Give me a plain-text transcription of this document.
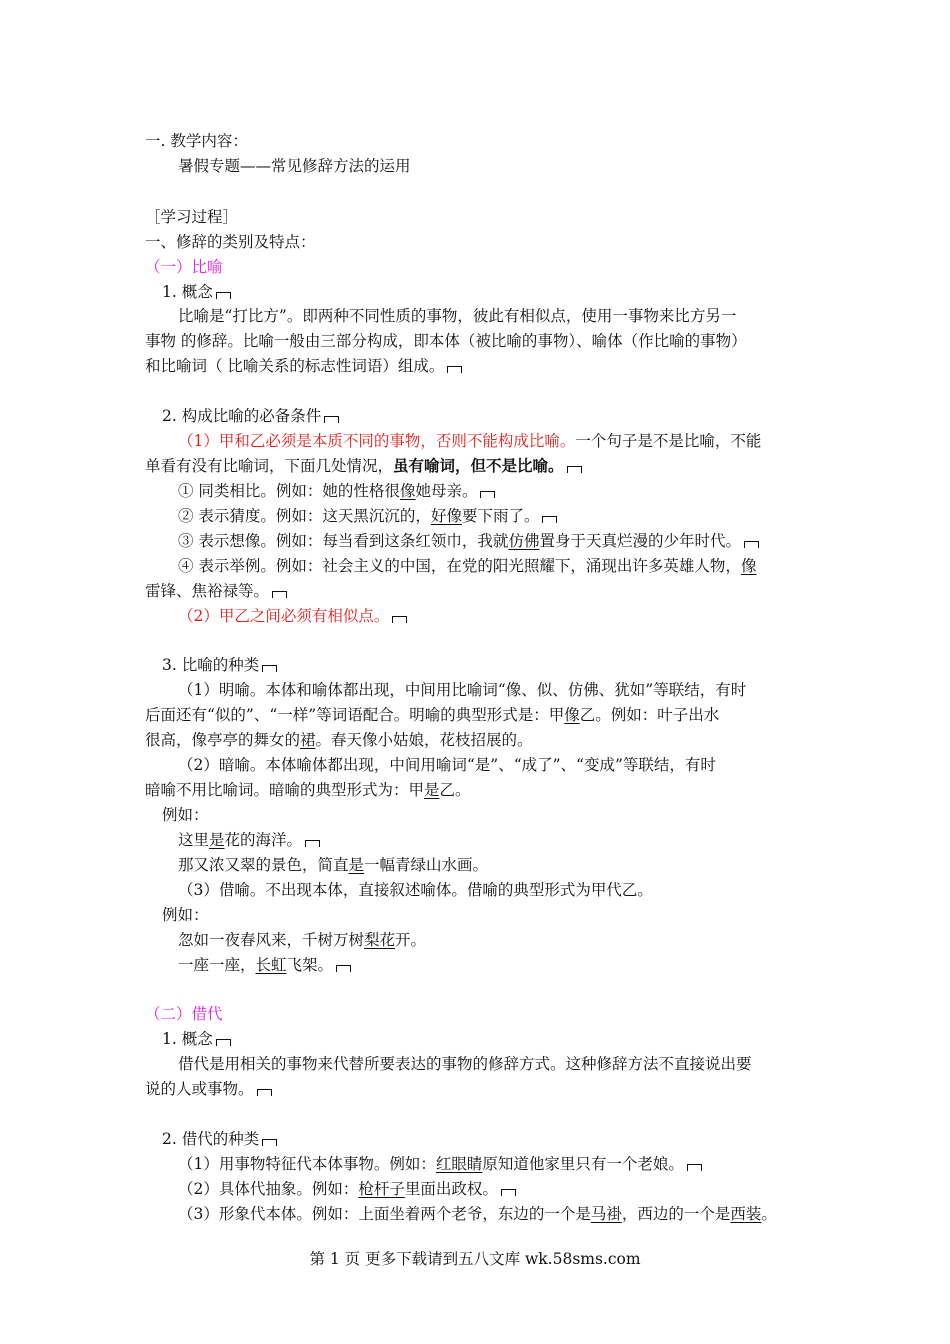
一. 教学内容：
暑假专题——常见修辞方法的运用
［学习过程］
一、修辞的类别及特点：
（一）比喻
1. 概念
比喻是“打比方”。即两种不同性质的事物，彼此有相似点，使用一事物来比方另一
事物 的修辞。比喻一般由三部分构成，即本体（被比喻的事物）、喻体（作比喻的事物）
和比喻词（ 比喻关系的标志性词语）组成。
2. 构成比喻的必备条件
（1）甲和乙必须是本质不同的事物，否则不能构成比喻。一个句子是不是比喻，不能
单看有没有比喻词，下面几处情况，虽有喻词，但不是比喻。
① 同类相比。例如：她的性格很像她母亲。
② 表示猜度。例如：这天黑沉沉的，好像要下雨了。
③ 表示想像。例如：每当看到这条红领巾，我就仿佛置身于天真烂漫的少年时代。
④ 表示举例。例如：社会主义的中国，在党的阳光照耀下，涌现出许多英雄人物，像
雷锋、焦裕禄等。
（2）甲乙之间必须有相似点。
3. 比喻的种类
（1）明喻。本体和喻体都出现，中间用比喻词“像、似、仿佛、犹如”等联结，有时
后面还有“似的”、“一样”等词语配合。明喻的典型形式是：甲像乙。例如：叶子出水
很高，像亭亭的舞女的裙。春天像小姑娘，花枝招展的。
（2）暗喻。本体喻体都出现，中间用喻词“是”、“成了”、“变成”等联结，有时
暗喻不用比喻词。暗喻的典型形式为：甲是乙。
例如：
这里是花的海洋。
那又浓又翠的景色，简直是一幅青绿山水画。
（3）借喻。不出现本体，直接叙述喻体。借喻的典型形式为甲代乙。
例如：
忽如一夜春风来，千树万树梨花开。
一座一座，长虹飞架。
（二）借代
1. 概念
借代是用相关的事物来代替所要表达的事物的修辞方式。这种修辞方法不直接说出要
说的人或事物。
2. 借代的种类
（1）用事物特征代本体事物。例如：红眼睛原知道他家里只有一个老娘。
（2）具体代抽象。例如：枪杆子里面出政权。
（3）形象代本体。例如：上面坐着两个老爷，东边的一个是马褂，西边的一个是西装。
第 1 页 更多下载请到五八文库 wk.58sms.com
